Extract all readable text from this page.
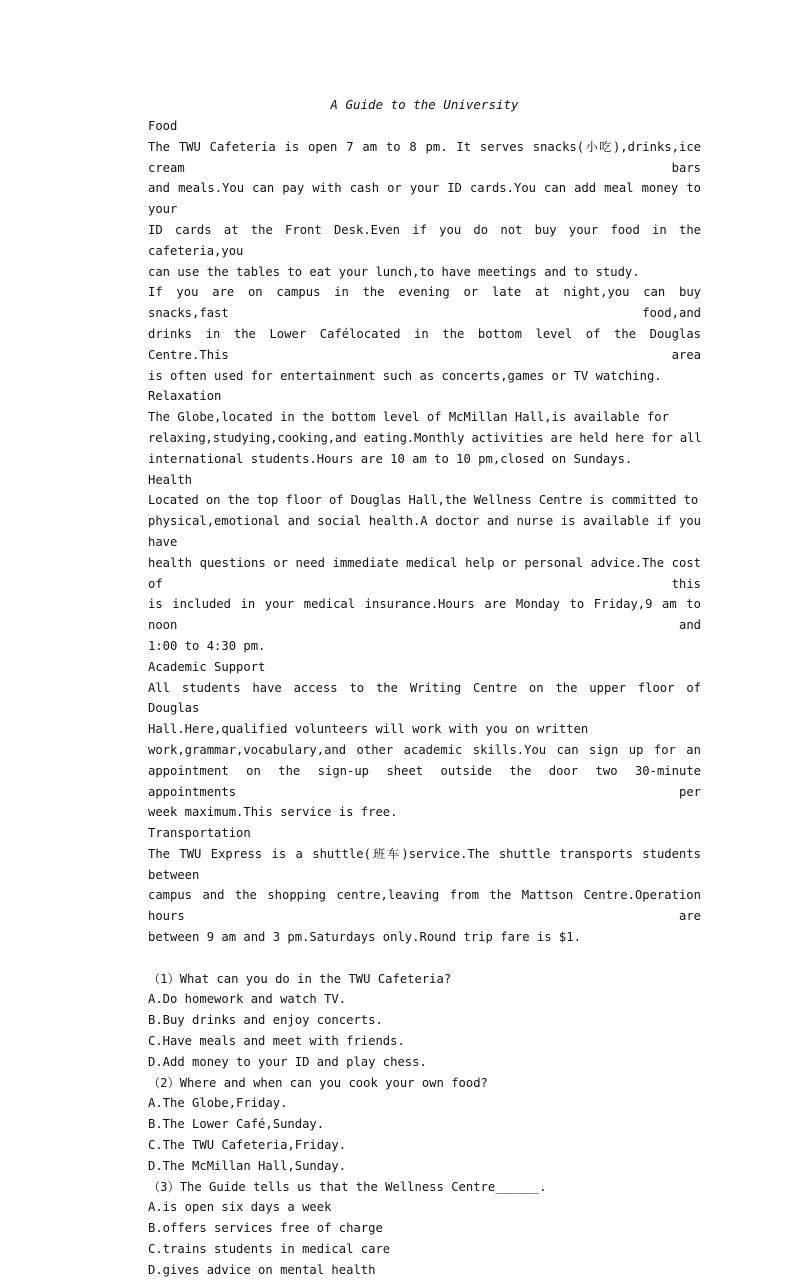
A Guide to the University
Food
The TWU Cafeteria is open 7 am to 8 pm. It serves snacks(小吃),drinks,ice cream bars
and meals.You can pay with cash or your ID cards.You can add meal money to your
ID cards at the Front Desk.Even if you do not buy your food in the cafeteria,you
can use the tables to eat your lunch,to have meetings and to study.
If you are on campus in the evening or late at night,you can buy snacks,fast food,and
drinks in the Lower Cafélocated in the bottom level of the Douglas Centre.This area
is often used for entertainment such as concerts,games or TV watching.
Relaxation
The Globe,located in the bottom level of McMillan Hall,is available for
relaxing,studying,cooking,and eating.Monthly activities are held here for all
international students.Hours are 10 am to 10 pm,closed on Sundays.
Health
Located on the top floor of Douglas Hall,the Wellness Centre is committed to
physical,emotional and social health.A doctor and nurse is available if you have
health questions or need immediate medical help or personal advice.The cost of this
is included in your medical insurance.Hours are Monday to Friday,9 am to noon and
1:00 to 4:30 pm.
Academic Support
All students have access to the Writing Centre on the upper floor of Douglas
Hall.Here,qualified volunteers will work with you on written
work,grammar,vocabulary,and other academic skills.You can sign up for an
appointment on the sign-up sheet outside the door two 30-minute appointments per
week maximum.This service is free.
Transportation
The TWU Express is a shuttle(班车)service.The shuttle transports students between
campus and the shopping centre,leaving from the Mattson Centre.Operation hours are
between 9 am and 3 pm.Saturdays only.Round trip fare is $1.
（1）What can you do in the TWU Cafeteria?
A.Do homework and watch TV.
B.Buy drinks and enjoy concerts.
C.Have meals and meet with friends.
D.Add money to your ID and play chess.
（2）Where and when can you cook your own food?
A.The Globe,Friday.
B.The Lower Café,Sunday.
C.The TWU Cafeteria,Friday.
D.The McMillan Hall,Sunday.
（3）The Guide tells us that the Wellness Centre______.
A.is open six days a week
B.offers services free of charge
C.trains students in medical care
D.gives advice on mental health
